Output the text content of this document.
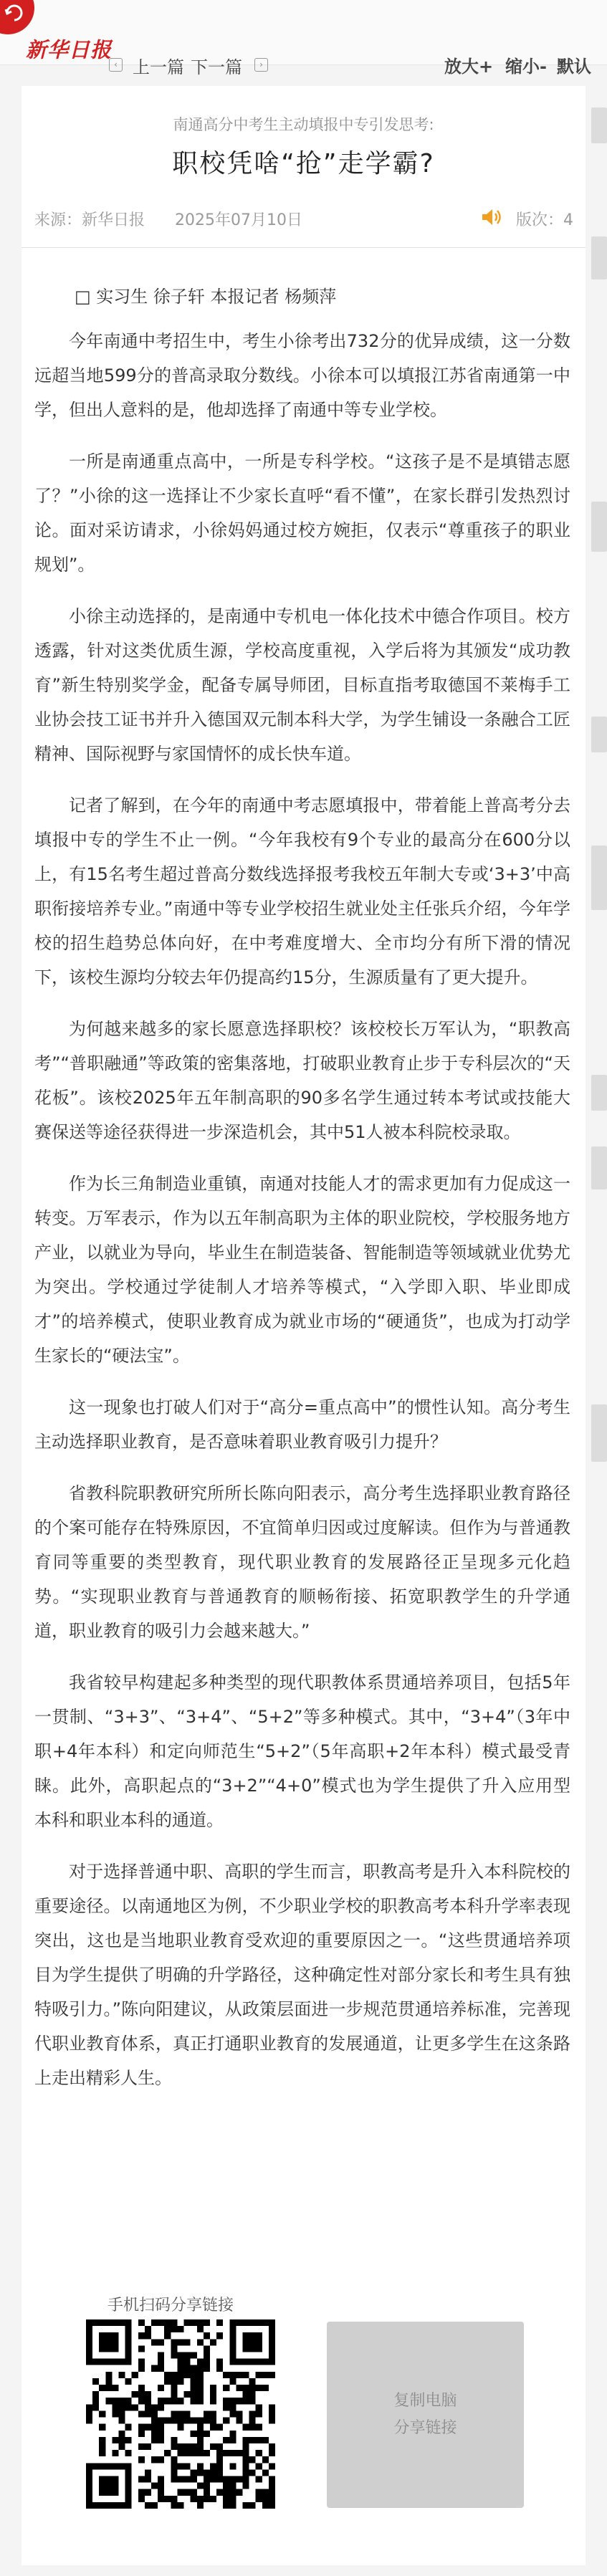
新华日报
‹ 上一篇 下一篇	›	放大+ 缩小- 默认
南通高分中考生主动填报中专引发思考:
职校凭啥“抢”走学霸?
来源：新华日报 2025年07月10日	版次：4
□ 实习生 徐子轩 本报记者 杨频萍

今年南通中考招生中，考生小徐考出732分的优异成绩，这一分数远超当地599分的普高录取分数线。小徐本可以填报江苏省南通第一中学，但出人意料的是，他却选择了南通中等专业学校。

一所是南通重点高中，一所是专科学校。“这孩子是不是填错志愿了？”小徐的这一选择让不少家长直呼“看不懂”，在家长群引发热烈讨论。面对采访请求，小徐妈妈通过校方婉拒，仅表示“尊重孩子的职业规划”。

小徐主动选择的，是南通中专机电一体化技术中德合作项目。校方透露，针对这类优质生源，学校高度重视，入学后将为其颁发“成功教育”新生特别奖学金，配备专属导师团，目标直指考取德国不莱梅手工业协会技工证书并升入德国双元制本科大学，为学生铺设一条融合工匠精神、国际视野与家国情怀的成长快车道。

记者了解到，在今年的南通中考志愿填报中，带着能上普高考分去填报中专的学生不止一例。“今年我校有9个专业的最高分在600分以上，有15名考生超过普高分数线选择报考我校五年制大专或‘3+3’中高职衔接培养专业。”南通中等专业学校招生就业处主任张兵介绍，今年学校的招生趋势总体向好，在中考难度增大、全市均分有所下滑的情况下，该校生源均分较去年仍提高约15分，生源质量有了更大提升。

为何越来越多的家长愿意选择职校？该校校长万军认为，“职教高考”“普职融通”等政策的密集落地，打破职业教育止步于专科层次的“天花板”。该校2025年五年制高职的90多名学生通过转本考试或技能大赛保送等途径获得进一步深造机会，其中51人被本科院校录取。

作为长三角制造业重镇，南通对技能人才的需求更加有力促成这一转变。万军表示，作为以五年制高职为主体的职业院校，学校服务地方产业，以就业为导向，毕业生在制造装备、智能制造等领域就业优势尤为突出。学校通过学徒制人才培养等模式，“入学即入职、毕业即成才”的培养模式，使职业教育成为就业市场的“硬通货”，也成为打动学生家长的“硬法宝”。

这一现象也打破人们对于“高分=重点高中”的惯性认知。高分考生主动选择职业教育，是否意味着职业教育吸引力提升？

省教科院职教研究所所长陈向阳表示，高分考生选择职业教育路径的个案可能存在特殊原因，不宜简单归因或过度解读。但作为与普通教育同等重要的类型教育，现代职业教育的发展路径正呈现多元化趋势。“实现职业教育与普通教育的顺畅衔接、拓宽职教学生的升学通道，职业教育的吸引力会越来越大。”

我省较早构建起多种类型的现代职教体系贯通培养项目，包括5年一贯制、“3+3”、“3+4”、“5+2”等多种模式。其中，“3+4”（3年中职+4年本科）和定向师范生“5+2”（5年高职+2年本科）模式最受青睐。此外，高职起点的“3+2”“4+0”模式也为学生提供了升入应用型本科和职业本科的通道。

对于选择普通中职、高职的学生而言，职教高考是升入本科院校的重要途径。以南通地区为例，不少职业学校的职教高考本科升学率表现突出，这也是当地职业教育受欢迎的重要原因之一。“这些贯通培养项目为学生提供了明确的升学路径，这种确定性对部分家长和考生具有独特吸引力。”陈向阳建议，从政策层面进一步规范贯通培养标准，完善现代职业教育体系，真正打通职业教育的发展通道，让更多学生在这条路上走出精彩人生。

手机扫码分享链接
复制电脑
分享链接
